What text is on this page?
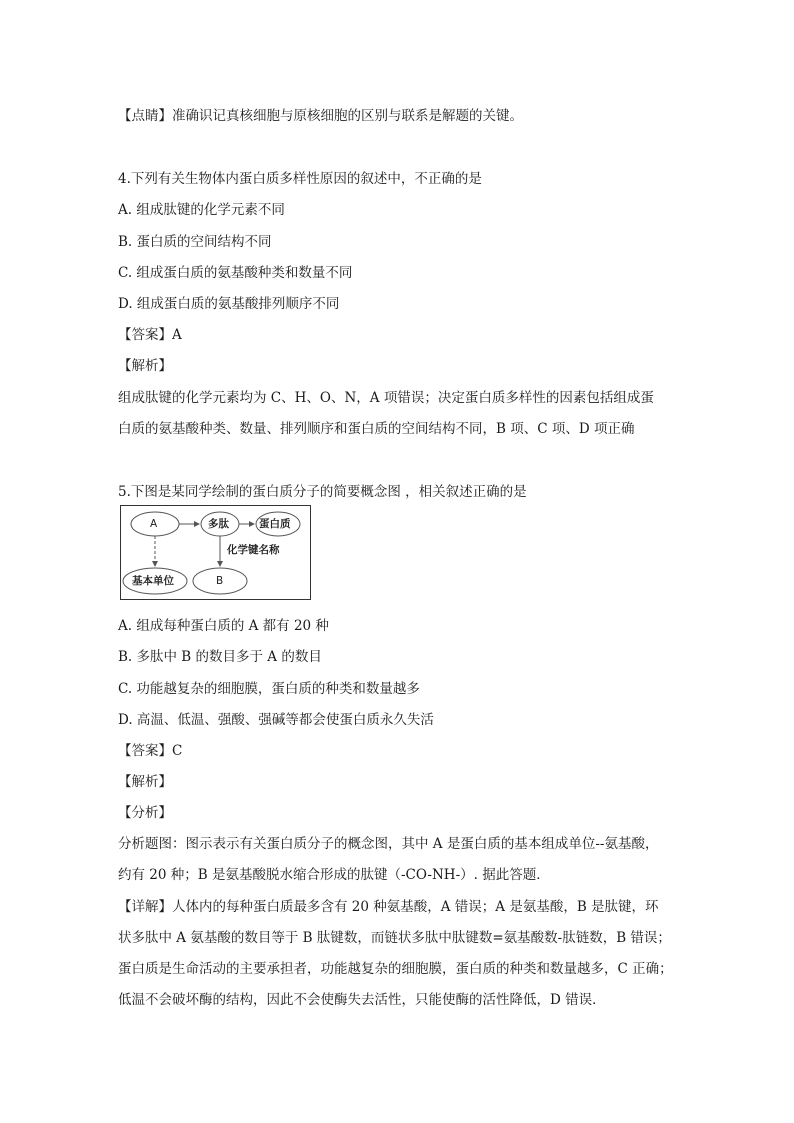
【点睛】准确识记真核细胞与原核细胞的区别与联系是解题的关键。
4.下列有关生物体内蛋白质多样性原因的叙述中，不正确的是
A. 组成肽键的化学元素不同
B. 蛋白质的空间结构不同
C. 组成蛋白质的氨基酸种类和数量不同
D. 组成蛋白质的氨基酸排列顺序不同
【答案】A
【解析】
组成肽键的化学元素均为 C、H、O、N，A 项错误；决定蛋白质多样性的因素包括组成蛋
白质的氨基酸种类、数量、排列顺序和蛋白质的空间结构不同，B 项、C 项、D 项正确
5.下图是某同学绘制的蛋白质分子的简要概念图 ，相关叙述正确的是
A	多肽	蛋白质
化学键名称
基本单位	B
A. 组成每种蛋白质的 A 都有 20 种
B. 多肽中 B 的数目多于 A 的数目
C. 功能越复杂的细胞膜，蛋白质的种类和数量越多
D. 高温、低温、强酸、强碱等都会使蛋白质永久失活
【答案】C
【解析】
【分析】
分析题图：图示表示有关蛋白质分子的概念图，其中 A 是蛋白质的基本组成单位--氨基酸，
约有 20 种；B 是氨基酸脱水缩合形成的肽键（-CO-NH-）. 据此答题．
【详解】人体内的每种蛋白质最多含有 20 种氨基酸，A 错误；A 是氨基酸，B 是肽键，环
状多肽中 A 氨基酸的数目等于 B 肽键数，而链状多肽中肽键数=氨基酸数-肽链数，B 错误；
蛋白质是生命活动的主要承担者，功能越复杂的细胞膜，蛋白质的种类和数量越多，C 正确；
低温不会破坏酶的结构，因此不会使酶失去活性，只能使酶的活性降低，D 错误．
